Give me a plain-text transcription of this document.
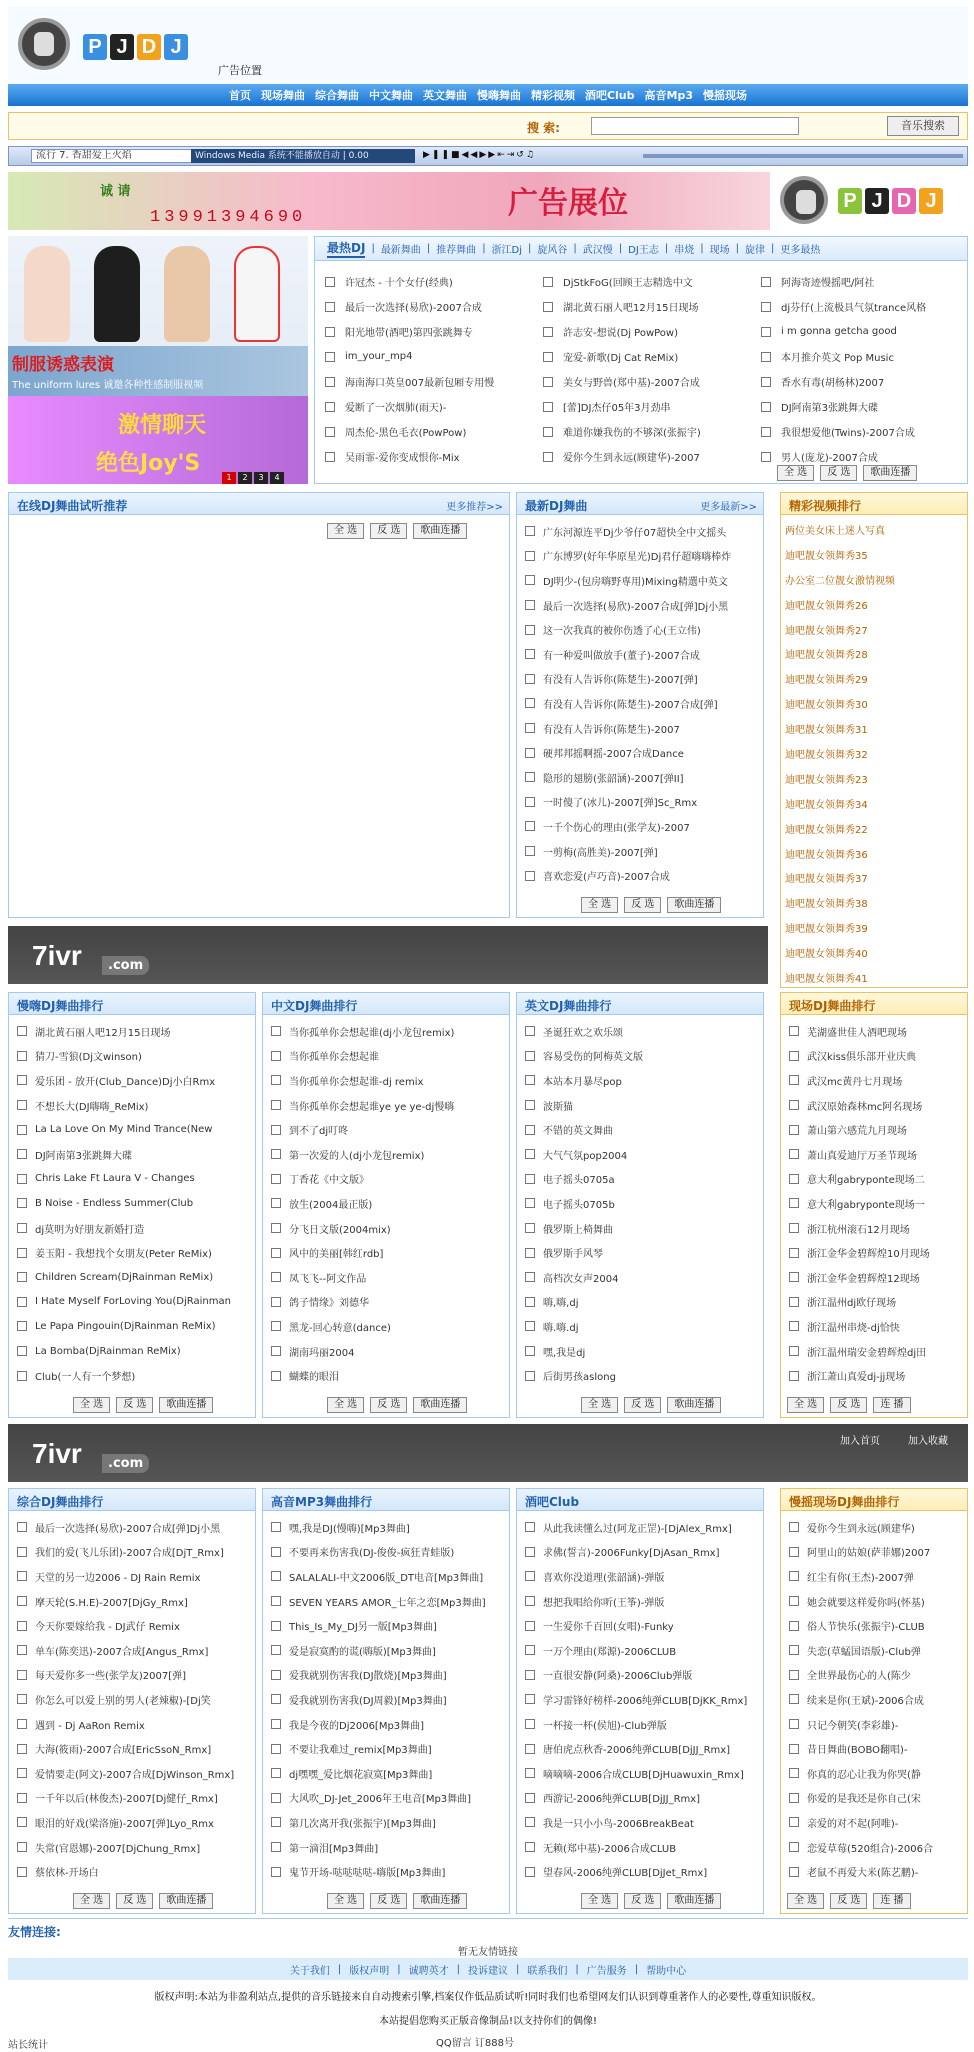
P J D J
广告位置
首页 现场舞曲 综合舞曲 中文舞曲 英文舞曲 慢嗨舞曲 精彩视频 酒吧Club 高音Mp3 慢摇现场
搜 索:	音乐搜索
流行 7. 香甜爱上火焰	Windows Media 系统不能播放自动 | 0.00	▶❚❚■◀◀▶▶⇤⇥↺♫
诚 请
13991394690	广告展位	P J D J
制服诱惑表演
The uniform lures 诚邀各种性感制服视频
激情聊天
绝色Joy'S
1	2	3	4
最热DJ | 最新舞曲 | 推荐舞曲 | 浙江Dj | 旋风谷 | 武汉慢 | DJ王志 | 串烧 | 现场 | 旋律 | 更多最热
许冠杰 - 十个女仔(经典)	DjStkFoG(回顾王志精选中文	阿海寄迹慢摇吧/阿社
最后一次选择(易欣)-2007合成	湖北黄石丽人吧12月15日现场	dj芬仔(上流极具气氛trance风格
阳光地带(酒吧)第四张跳舞专	許志安-想说(Dj PowPow)	i m gonna getcha good
im_your_mp4	宠爱-新歌(Dj Cat ReMix)	本月推介英文 Pop Music
海南海口英皇007最新包厢专用慢	美女与野兽(郑中基)-2007合成	香水有毒(胡杨林)2007
爱断了一次烟肺(雨天)-	[蕾]DJ杰仔05年3月劲串	DJ阿南第3张跳舞大碟
周杰伦-黑色毛衣(PowPow)	难道你嫌我伤的不够深(张振宇)	我很想爱他(Twins)-2007合成
吴雨霏-爱你变成恨你-Mix	爱你今生到永远(顾建华)-2007	男人(庞龙)-2007合成
全 选	反 选	歌曲连播
在线DJ舞曲试听推荐	更多推荐>>
全 选	反 选	歌曲连播
最新DJ舞曲	更多最新>>
广东河源连平Dj少爷仔07超快全中文摇头
广东博罗(好年华原星光)Dj君仔超嗨嗨棒炸
DJ明少-(包房嗨野専用)Mixing精選中英文
最后一次选择(易欣)-2007合成[弹]Dj小黑
这一次我真的被你伤透了心(王立伟)
有一种爱叫做放手(董子)-2007合成
有没有人告诉你(陈楚生)-2007[弹]
有没有人告诉你(陈楚生)-2007合成[弹]
有没有人告诉你(陈楚生)-2007
硬邦邦摇啊摇-2007合成Dance
隐形的翅膀(张韶涵)-2007[弹II]
一时傻了(冰儿)-2007[弹]Sc_Rmx
一千个伤心的理由(张学友)-2007
一剪梅(高胜美)-2007[弹]
喜欢恋爱(卢巧音)-2007合成
全 选	反 选	歌曲连播
精彩视频排行
两位美女床上迷人写真
迪吧靓女领舞秀35
办公室二位靓女激情视频
迪吧靓女领舞秀26
迪吧靓女领舞秀27
迪吧靓女领舞秀28
迪吧靓女领舞秀29
迪吧靓女领舞秀30
迪吧靓女领舞秀31
迪吧靓女领舞秀32
迪吧靓女领舞秀23
迪吧靓女领舞秀34
迪吧靓女领舞秀22
迪吧靓女领舞秀36
迪吧靓女领舞秀37
迪吧靓女领舞秀38
迪吧靓女领舞秀39
迪吧靓女领舞秀40
迪吧靓女领舞秀41
7ivr	.com
慢嗨DJ舞曲排行
湖北黄石丽人吧12月15日现场
猜刀-雪狼(Dj文winson)
爱乐团 - 放开(Club_Dance)Dj小白Rmx
不想长大(DJ嗨嗨_ReMix)
La La Love On My Mind Trance(New
DJ阿南第3张跳舞大碟
Chris Lake Ft Laura V - Changes
B Noise - Endless Summer(Club
dj莫明为好朋友新婚打造
姜玉阳 - 我想找个女朋友(Peter ReMix)
Children Scream(DjRainman ReMix)
I Hate Myself ForLoving You(DjRainman
Le Papa Pingouin(DjRainman ReMix)
La Bomba(DjRainman ReMix)
Club(一人有一个梦想)
全 选	反 选	歌曲连播
中文DJ舞曲排行
当你孤单你会想起谁(dj小龙包remix)
当你孤单你会想起谁
当你孤单你会想起谁-dj remix
当你孤单你会想起谁ye ye ye-dj慢嗨
到不了dj叮咚
第一次爱的人(dj小龙包remix)
丁香花《中文版》
放生(2004最正版)
分飞日文版(2004mix)
风中的美丽[韩红rdb]
凤飞飞--阿文作品
鸽子情缘》刘德华
黑龙-回心转意(dance)
湖南玛丽2004
蝴蝶的眼泪
全 选	反 选	歌曲连播
英文DJ舞曲排行
圣诞狂欢之欢乐颂
容易受伤的阿梅英文版
本站本月暴尽pop
波斯猫
不错的英文舞曲
大气气氛pop2004
电子摇头0705a
电子摇头0705b
俄罗斯上椅舞曲
俄罗斯手风琴
高档次女声2004
嗨,嗨,dj
嗨.嗨.dj
嘿,我是dj
后街男孩aslong
全 选	反 选	歌曲连播
现场DJ舞曲排行
芜湖盛世佳人酒吧现场
武汉kiss俱乐部开业庆典
武汉mc黄丹七月现场
武汉原始森林mc阿名现场
萧山第六感荒九月现场
萧山真爱迪厅万圣节现场
意大利gabryponte现场二
意大利gabryponte现场一
浙江杭州滚石12月现场
浙江金华金碧辉煌10月现场
浙江金华金碧辉煌12现场
浙江温州dj欧仔现场
浙江温州串烧-dj恰快
浙江温州瑞安金碧辉煌dj田
浙江萧山真爱dj-jj现场
全 选	反 选	连 播
7ivr	.com
加入首页	加入收藏
综合DJ舞曲排行
最后一次选择(易欣)-2007合成[弹]Dj小黑
我们的爱(飞儿乐团)-2007合成[DjT_Rmx]
天堂的另一边2006 - DJ Rain Remix
摩天轮(S.H.E)-2007[DjGy_Rmx]
今天你要嫁给我 - DJ武仔 Remix
单车(陈奕迅)-2007合成[Angus_Rmx]
每天爱你多一些(张学友)2007[弹]
你怎么可以爱上别的男人(老辣椒)-[Dj笑
遇到 - Dj AaRon Remix
大海(筱雨)-2007合成[EricSsoN_Rmx]
爱情要走(阿文)-2007合成[DjWinson_Rmx]
一千年以后(林俊杰)-2007[Dj健仔_Rmx]
眼泪的好戏(梁洛施)-2007[弹]Lyo_Rmx
失常(官恩娜)-2007[DjChung_Rmx]
蔡依林-开场白
全 选	反 选	歌曲连播
高音MP3舞曲排行
嘿,我是DJ(慢嗨)[Mp3舞曲]
不要再来伤害我(DJ-俊俊-疯狂青蛙版)
SALALALI-中文2006版_DT电音[Mp3舞曲]
SEVEN YEARS AMOR_七年之恋[Mp3舞曲]
This_Is_My_DJ另一版[Mp3舞曲]
爱是寂寞酌的谎(嗨版)[Mp3舞曲]
爱我就别伤害我(DJ散烧)[Mp3舞曲]
爱我就别伤害我(DJ周毅)[Mp3舞曲]
我是今夜的Dj2006[Mp3舞曲]
不要让我难过_remix[Mp3舞曲]
dj嘿嘿_爱比烟花寂寞[Mp3舞曲]
大风吹_DJ-Jet_2006年王电音[Mp3舞曲]
第几次离开我(张振宇)[Mp3舞曲]
第一滴泪[Mp3舞曲]
鬼节开场-哒哒哒哒-嗨版[Mp3舞曲]
全 选	反 选	歌曲连播
酒吧Club
从此我读懂么过(阿龙正罡)-[DjAlex_Rmx]
求佛(誓言)-2006Funky[DjAsan_Rmx]
喜欢你没道理(张韶涵)-弹版
想把我唱给你听(王筝)-弹版
一生爱你千百回(女唱)-Funky
一万个理由(郑源)-2006CLUB
一直很安静(阿桑)-2006Club弹版
学习雷锋好榜样-2006纯弹CLUB[DjKK_Rmx]
一杯接一杯(侯旭)-Club弹版
唐伯虎点秋香-2006纯弹CLUB[DjJJ_Rmx]
嘀嘀嘀-2006合成CLUB[DjHuawuxin_Rmx]
西游记-2006纯弹CLUB[DjJJ_Rmx]
我是一只小小鸟-2006BreakBeat
无赖(郑中基)-2006合成CLUB
望春风-2006纯弹CLUB[DjJet_Rmx]
全 选	反 选	歌曲连播
慢摇现场DJ舞曲排行
爱你今生到永远(顾建华)
阿里山的姑娘(萨菲娜)2007
红尘有你(王杰)-2007弹
她会就要这样爱你吗(怀基)
俗人节快乐(张振宇)-CLUB
失恋(草蜢国语版)-Club弹
全世界最伤心的人(陈少
续来是你(王斌)-2006合成
只记今朝笑(李彩雄)-
昔日舞曲(BOBO翻唱)-
你真的忍心让我为你哭(静
你爱的是我还是你自己(宋
亲爱的对不起(阿唯)-
恋爱草莓(520组合)-2006合
老鼠不再爱大米(陈艺鹏)-
全 选	反 选	连 播
友情连接:
暂无友情链接
关于我们 | 版权声明 | 诚聘英才 | 投诉建议 | 联系我们 | 广告服务 | 帮助中心
版权声明:本站为非盈利站点,提供的音乐链接来自自动搜索引擎,档案仅作低品质试听!同时我们也希望网友们认识到尊重著作人的必要性,尊重知识版权。
本站提倡您购买正版音像制品!以支持你们的偶像!
站长统计	QQ留言 订888号
